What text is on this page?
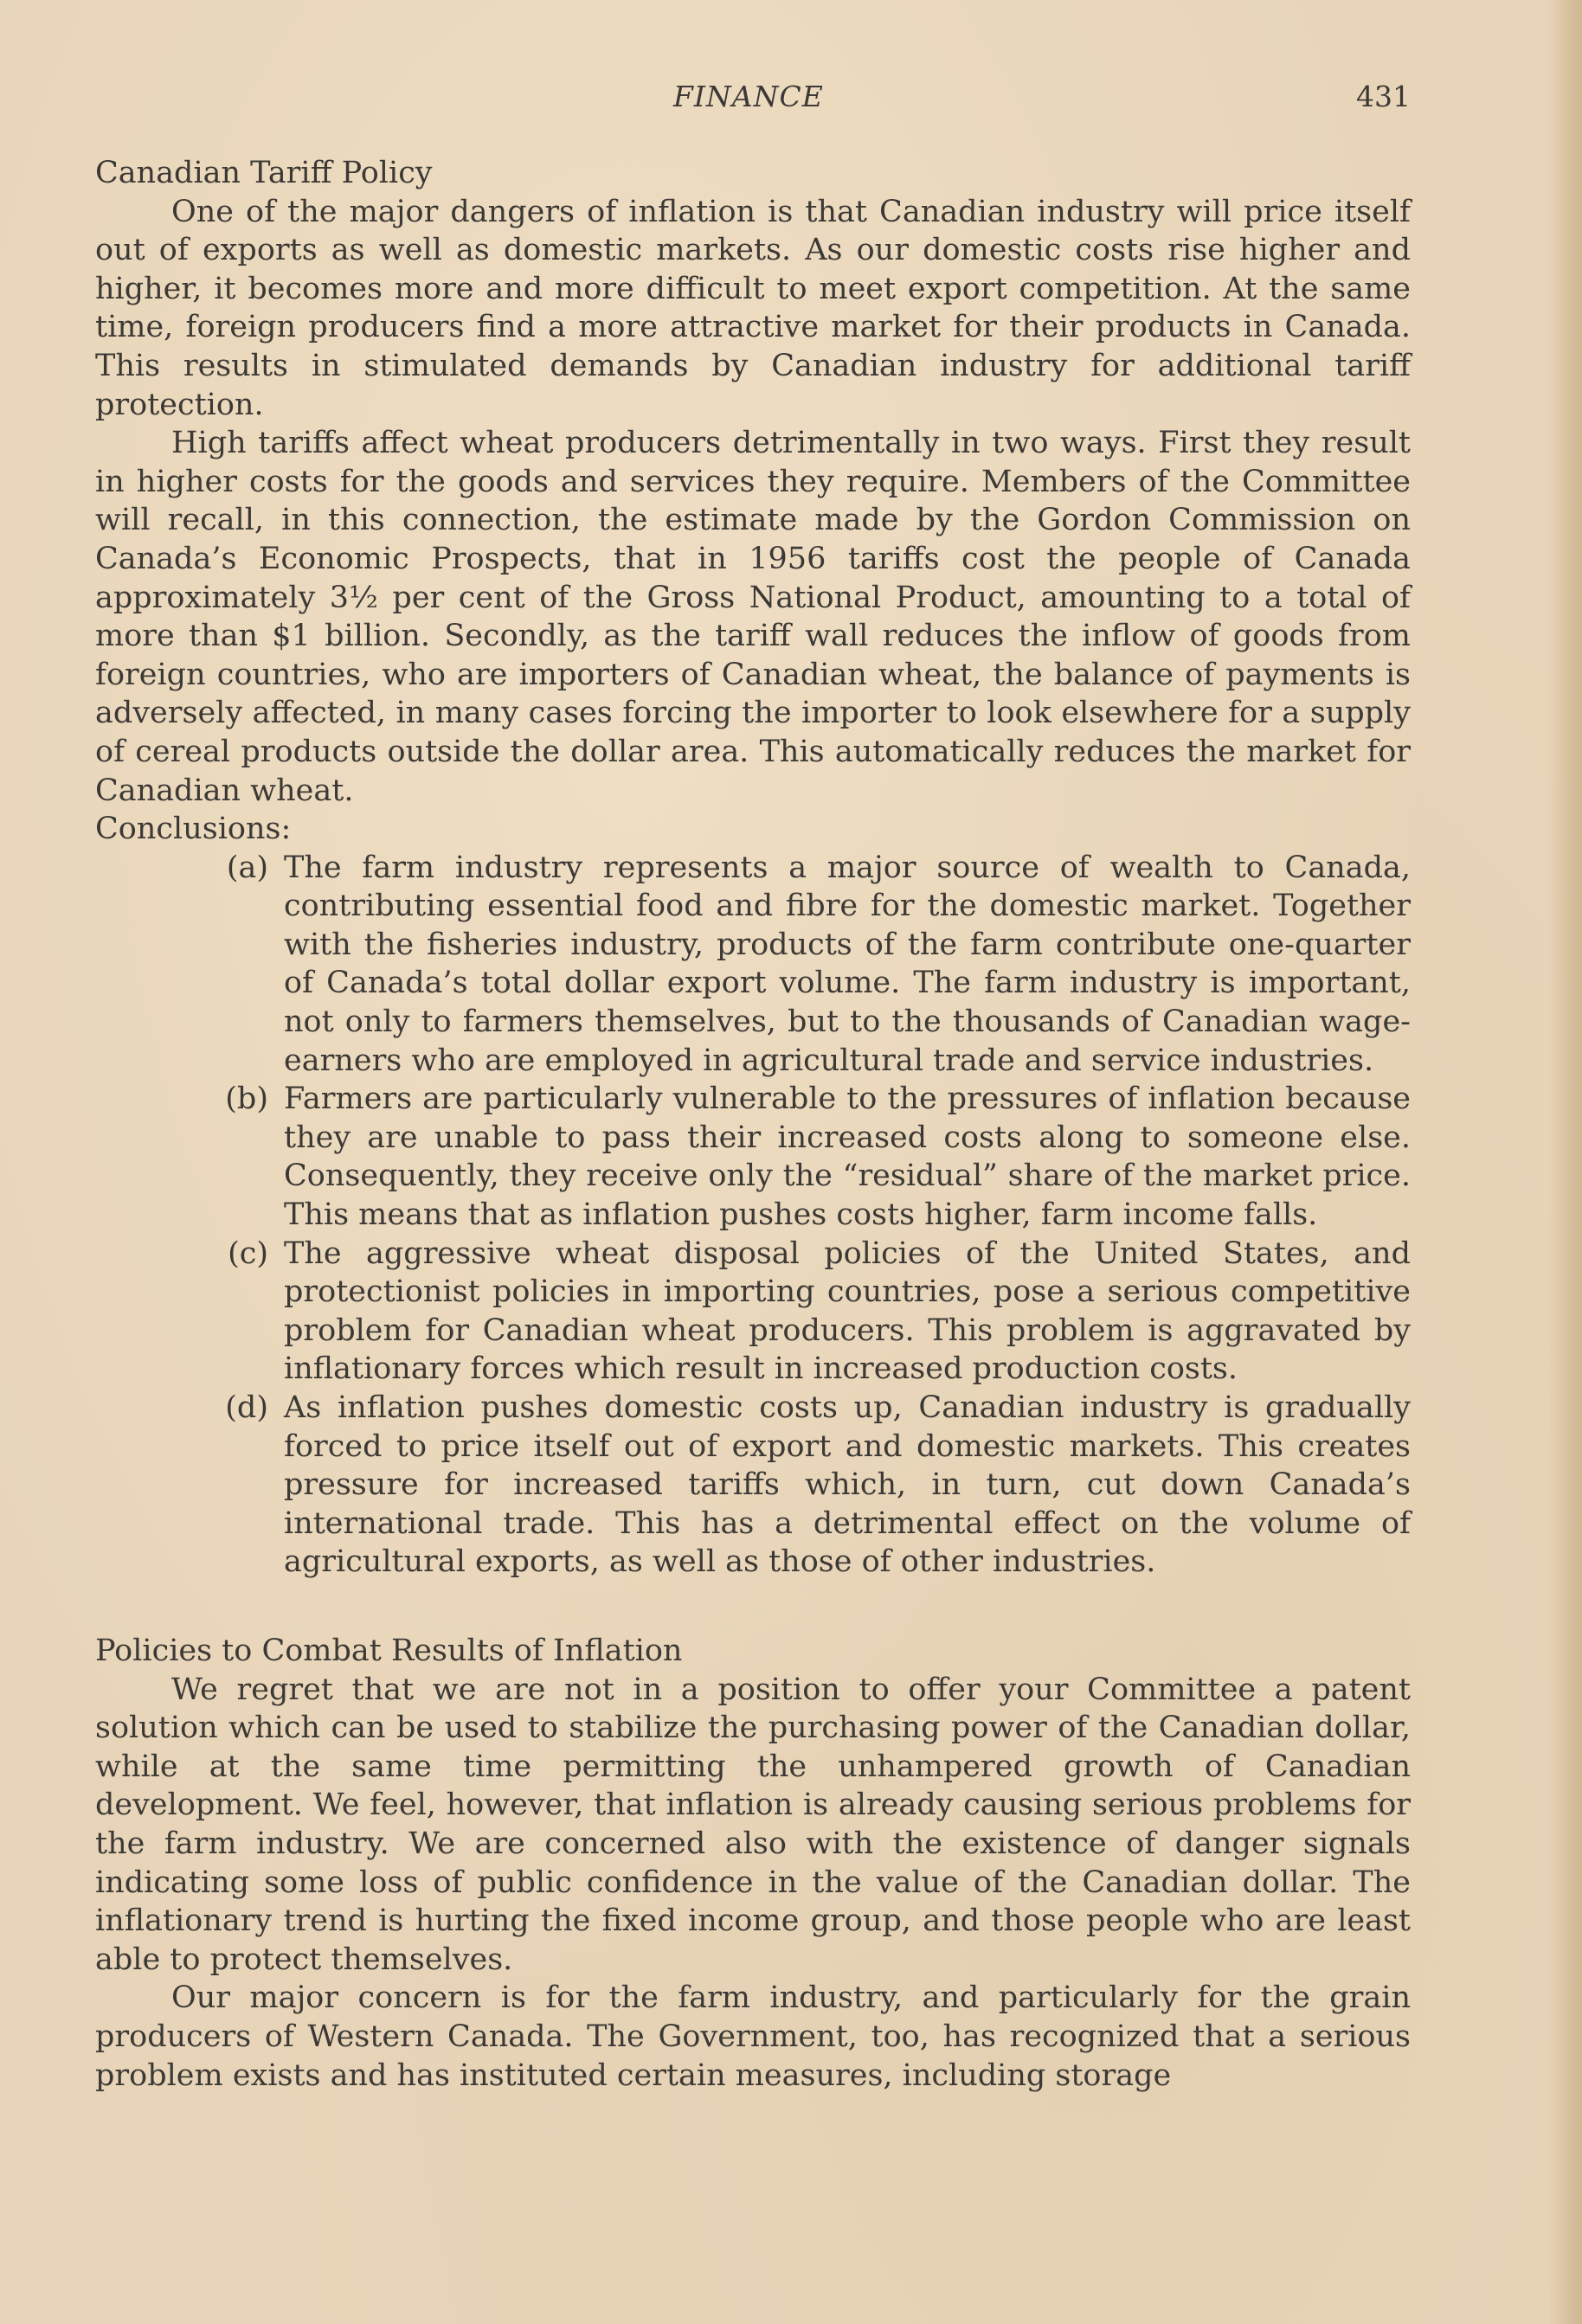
FINANCE	431

Canadian Tariff Policy

One of the major dangers of inflation is that Canadian industry will price itself out of exports as well as domestic markets. As our domestic costs rise higher and higher, it becomes more and more difficult to meet export competition. At the same time, foreign producers find a more attractive market for their products in Canada. This results in stimulated demands by Canadian industry for additional tariff protection.

High tariffs affect wheat producers detrimentally in two ways. First they result in higher costs for the goods and services they require. Members of the Committee will recall, in this connection, the estimate made by the Gordon Commission on Canada’s Economic Prospects, that in 1956 tariffs cost the people of Canada approximately 3½ per cent of the Gross National Product, amounting to a total of more than $1 billion. Secondly, as the tariff wall reduces the inflow of goods from foreign countries, who are importers of Canadian wheat, the balance of payments is adversely affected, in many cases forcing the importer to look elsewhere for a supply of cereal products outside the dollar area. This automatically reduces the market for Canadian wheat.

Conclusions:

(a) The farm industry represents a major source of wealth to Canada, contributing essential food and fibre for the domestic market. Together with the fisheries industry, products of the farm contribute one-quarter of Canada’s total dollar export volume. The farm industry is important, not only to farmers themselves, but to the thousands of Canadian wage-earners who are employed in agricultural trade and service industries.
(b) Farmers are particularly vulnerable to the pressures of inflation because they are unable to pass their increased costs along to someone else. Consequently, they receive only the “residual” share of the market price. This means that as inflation pushes costs higher, farm income falls.
(c) The aggressive wheat disposal policies of the United States, and protectionist policies in importing countries, pose a serious competitive problem for Canadian wheat producers. This problem is aggravated by inflationary forces which result in increased production costs.
(d) As inflation pushes domestic costs up, Canadian industry is gradually forced to price itself out of export and domestic markets. This creates pressure for increased tariffs which, in turn, cut down Canada’s international trade. This has a detrimental effect on the volume of agricultural exports, as well as those of other industries.

Policies to Combat Results of Inflation

We regret that we are not in a position to offer your Committee a patent solution which can be used to stabilize the purchasing power of the Canadian dollar, while at the same time permitting the unhampered growth of Canadian development. We feel, however, that inflation is already causing serious problems for the farm industry. We are concerned also with the existence of danger signals indicating some loss of public confidence in the value of the Canadian dollar. The inflationary trend is hurting the fixed income group, and those people who are least able to protect themselves.

Our major concern is for the farm industry, and particularly for the grain producers of Western Canada. The Government, too, has recognized that a serious problem exists and has instituted certain measures, including storage
